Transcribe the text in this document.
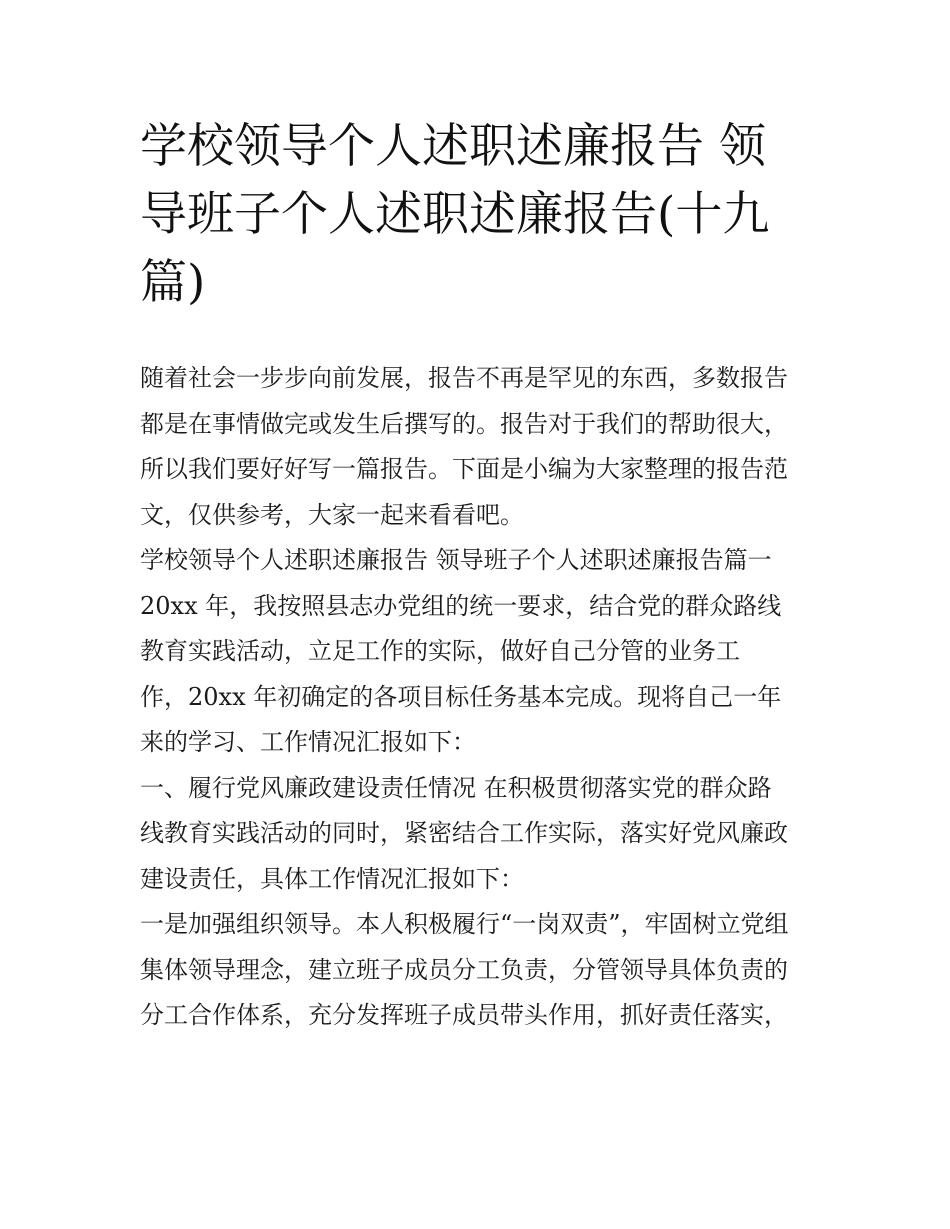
学校领导个人述职述廉报告 领
导班子个人述职述廉报告(十九
篇)
随着社会一步步向前发展，报告不再是罕见的东西，多数报告
都是在事情做完或发生后撰写的。报告对于我们的帮助很大，
所以我们要好好写一篇报告。下面是小编为大家整理的报告范
文，仅供参考，大家一起来看看吧。
学校领导个人述职述廉报告 领导班子个人述职述廉报告篇一
20xx 年，我按照县志办党组的统一要求，结合党的群众路线
教育实践活动，立足工作的实际，做好自己分管的业务工
作，20xx 年初确定的各项目标任务基本完成。现将自己一年
来的学习、工作情况汇报如下：
一、履行党风廉政建设责任情况 在积极贯彻落实党的群众路
线教育实践活动的同时，紧密结合工作实际，落实好党风廉政
建设责任，具体工作情况汇报如下：
一是加强组织领导。本人积极履行“一岗双责”，牢固树立党组
集体领导理念，建立班子成员分工负责，分管领导具体负责的
分工合作体系，充分发挥班子成员带头作用，抓好责任落实，
